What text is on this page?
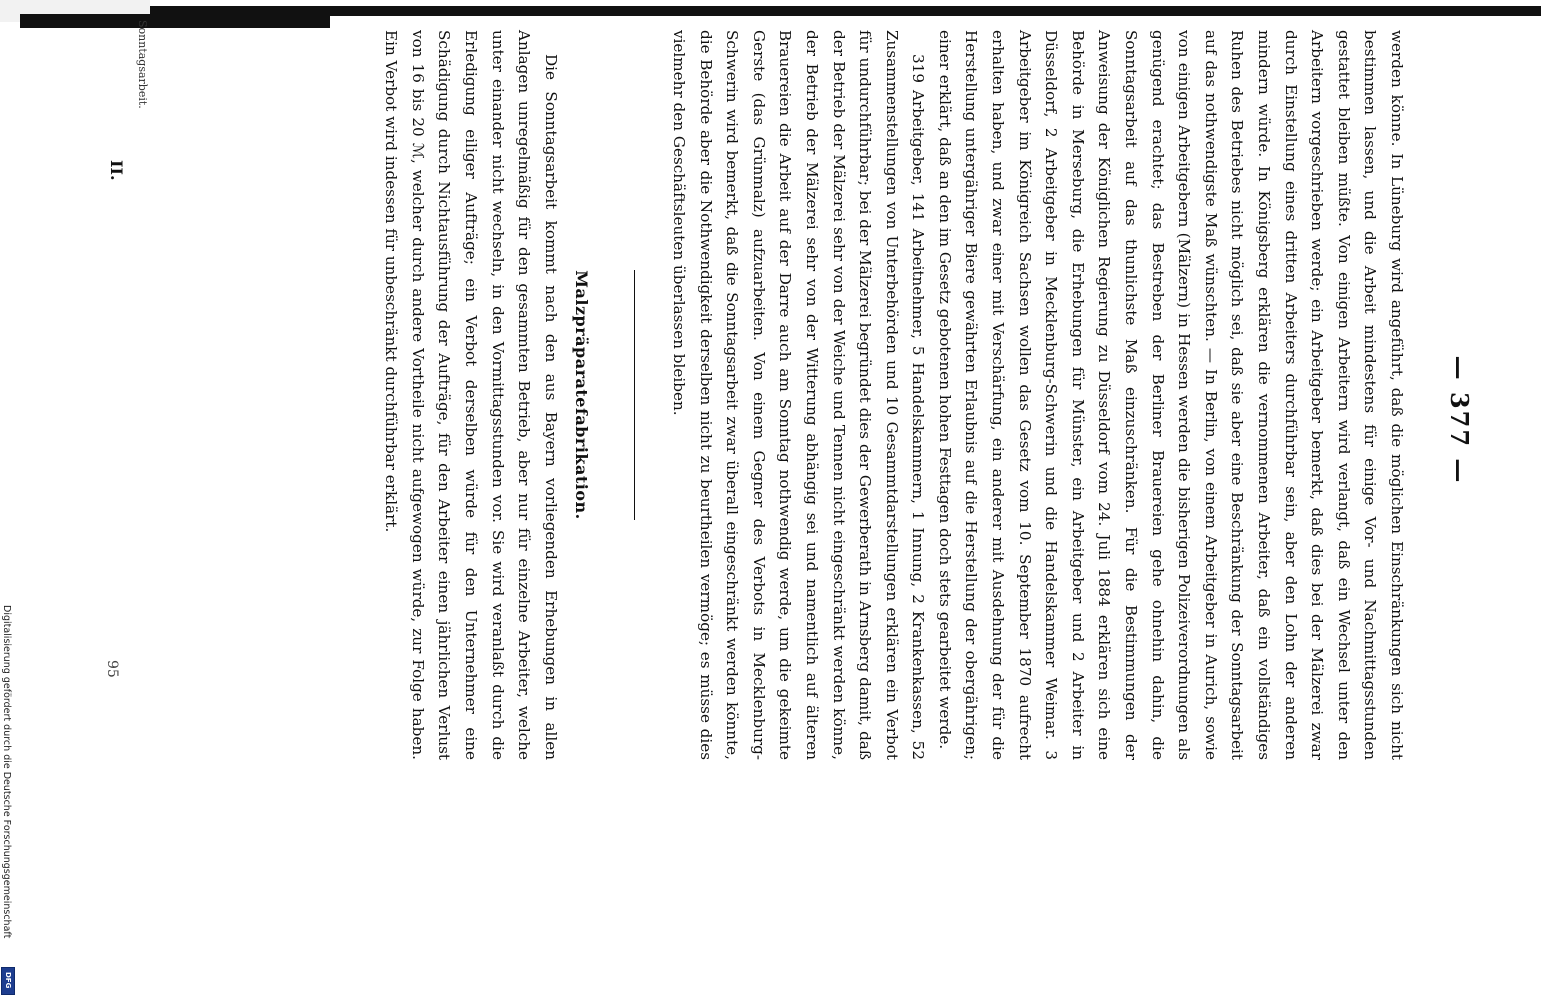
— 377 —

werden könne. In Lüneburg wird angeführt, daß die möglichen Einschränkungen sich nicht bestimmen lassen, und die Arbeit mindestens für einige Vor- und Nachmittagsstunden gestattet bleiben müßte. Von einigen Arbeitern wird verlangt, daß ein Wechsel unter den Arbeitern vorgeschrieben werde; ein Arbeitgeber bemerkt, daß dies bei der Mälzerei zwar durch Einstellung eines dritten Arbeiters durchführbar sein, aber den Lohn der anderen mindern würde. In Königsberg erklären die vernommenen Arbeiter, daß ein vollständiges Ruhen des Betriebes nicht möglich sei, daß sie aber eine Beschränkung der Sonntagsarbeit auf das nothwendigste Maß wünschten. — In Berlin, von einem Arbeitgeber in Aurich, sowie von einigen Arbeitgebern (Mälzern) in Hessen werden die bisherigen Polizeiverordnungen als genügend erachtet; das Bestreben der Berliner Brauereien gehe ohnehin dahin, die Sonntagsarbeit auf das thunlichste Maß einzuschränken. Für die Bestimmungen der Anweisung der Königlichen Regierung zu Düsseldorf vom 24. Juli 1884 erklären sich eine Behörde in Merseburg, die Erhebungen für Münster, ein Arbeitgeber und 2 Arbeiter in Düsseldorf, 2 Arbeitgeber in Mecklenburg-Schwerin und die Handelskammer Weimar. 3 Arbeitgeber im Königreich Sachsen wollen das Gesetz vom 10. September 1870 aufrecht erhalten haben, und zwar einer mit Verschärfung, ein anderer mit Ausdehnung der für die Herstellung untergähriger Biere gewährten Erlaubnis auf die Herstellung der obergährigen; einer erklärt, daß an den im Gesetz gebotenen hohen Festtagen doch stets gearbeitet werde.

319 Arbeitgeber, 141 Arbeitnehmer, 5 Handelskammern, 1 Innung, 2 Krankenkassen, 52 Zusammenstellungen von Unterbehörden und 10 Gesammtdarstellungen erklären ein Verbot für undurchführbar; bei der Mälzerei begründet dies der Gewerberath in Arnsberg damit, daß der Betrieb der Mälzerei sehr von der Weiche und Tennen nicht eingeschränkt werden könne, der Betrieb der Mälzerei sehr von der Witterung abhängig sei und namentlich auf älteren Brauereien die Arbeit auf der Darre auch am Sonntag nothwendig werde, um die gekeimte Gerste (das Grünmalz) aufzuarbeiten. Von einem Gegner des Verbots in Mecklenburg-Schwerin wird bemerkt, daß die Sonntagsarbeit zwar überall eingeschränkt werden könnte, die Behörde aber die Nothwendigkeit derselben nicht zu beurtheilen vermöge; es müsse dies vielmehr den Geschäftsleuten überlassen bleiben.

Malzpräparatefabrikation.

Die Sonntagsarbeit kommt nach den aus Bayern vorliegenden Erhebungen in allen Anlagen unregelmäßig für den gesammten Betrieb, aber nur für einzelne Arbeiter, welche unter einander nicht wechseln, in den Vormittagsstunden vor. Sie wird veranlaßt durch die Erledigung eiliger Aufträge; ein Verbot derselben würde für den Unternehmer eine Schädigung durch Nichtausführung der Aufträge, für den Arbeiter einen jährlichen Verlust von 16 bis 20 ℳ, welcher durch andere Vortheile nicht aufgewogen würde, zur Folge haben. Ein Verbot wird indessen für unbeschränkt durchführbar erklärt.

Sonntagsarbeit.
II.
95
Digitalisierung gefördert durch die Deutsche Forschungsgemeinschaft
DFG
